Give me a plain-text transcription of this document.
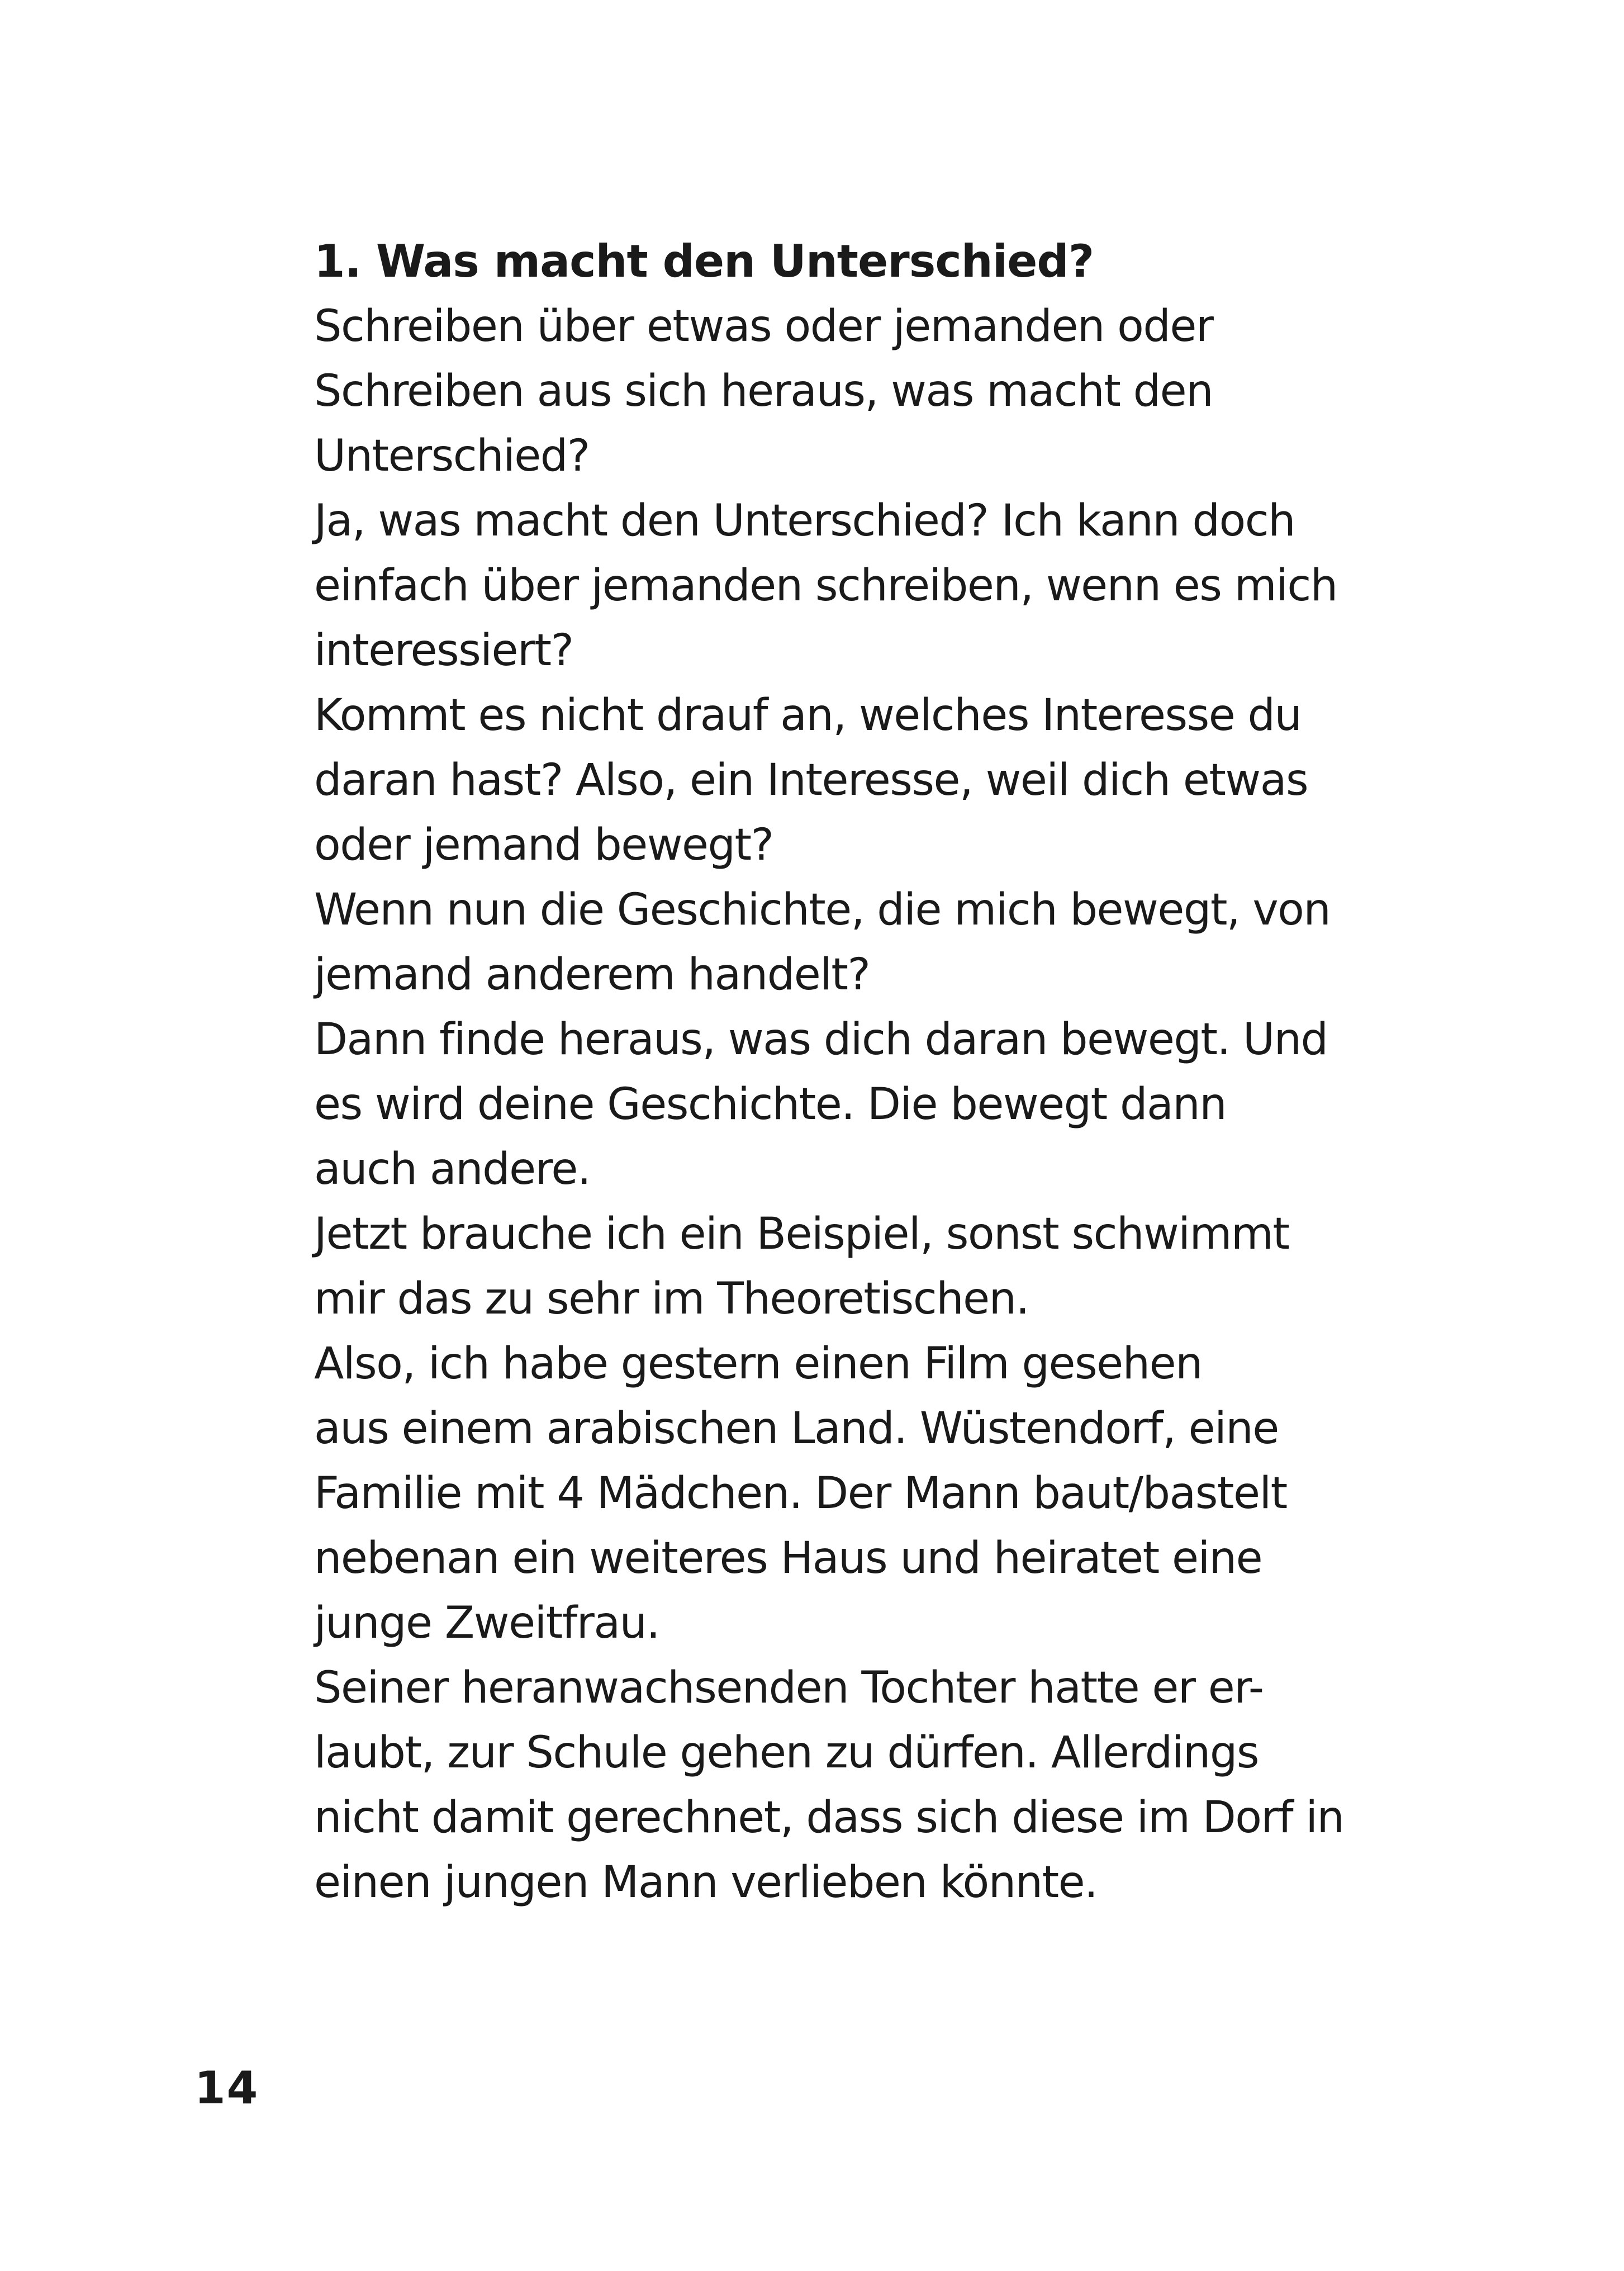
1. Was macht den Unterschied?

Schreiben über etwas oder jemanden oder

Schreiben aus sich heraus, was macht den

Unterschied?

Ja, was macht den Unterschied? Ich kann doch

einfach über jemanden schreiben, wenn es mich

interessiert?

Kommt es nicht drauf an, welches Interesse du

daran hast? Also, ein Interesse, weil dich etwas

oder jemand bewegt?

Wenn nun die Geschichte, die mich bewegt, von

jemand anderem handelt?

Dann finde heraus, was dich daran bewegt. Und

es wird deine Geschichte. Die bewegt dann

auch andere.

Jetzt brauche ich ein Beispiel, sonst schwimmt

mir das zu sehr im Theoretischen.

Also, ich habe gestern einen Film gesehen

aus einem arabischen Land. Wüstendorf, eine

Familie mit 4 Mädchen. Der Mann baut/bastelt

nebenan ein weiteres Haus und heiratet eine

junge Zweitfrau.

Seiner heranwachsenden Tochter hatte er er-

laubt, zur Schule gehen zu dürfen. Allerdings

nicht damit gerechnet, dass sich diese im Dorf in

einen jungen Mann verlieben könnte.

14
